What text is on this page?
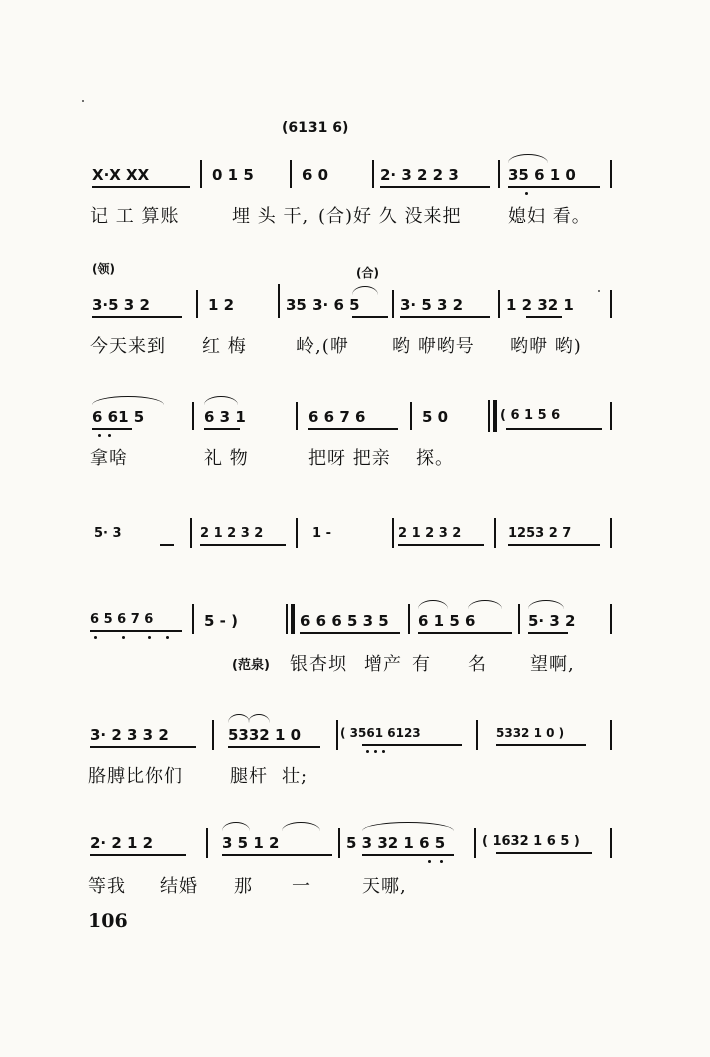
(6131 6)
X·X XX	0 1 5	6 0	2· 3 2 2 3	35 6 1 0
记 工 算账	埋 头 干, (合)好 久 没来把	媳妇 看。
(领)	(合)
3·5 3 2	1 2	35 3· 6 5	3· 5 3 2	1 2 32 1
今天来到 红 梅	岭,(咿 哟 咿哟号 哟咿 哟)
6 61 5	6 3 1	6 6 7 6	5 0	( 6 1 5 6
拿啥	礼 物	把呀 把亲 探。
5· 3	2 1 2 3 2	1 -	2 1 2 3 2	1253 2 7
6 5 6 7 6	5 - )	6 6 6 5 3 5 6 1 5 6	5· 3 2
(范泉) 银杏坝 增产 有 名 望啊,
3· 2 3 3 2	5332 1 0	( 3561 6123	5332 1 0 )
胳膊比你们	腿杆 壮;
2· 2 1 2	3 5 1 2	5 3 32 1 6 5	( 1632 1 6 5 )
等我 结婚 那 一	天哪,
106
